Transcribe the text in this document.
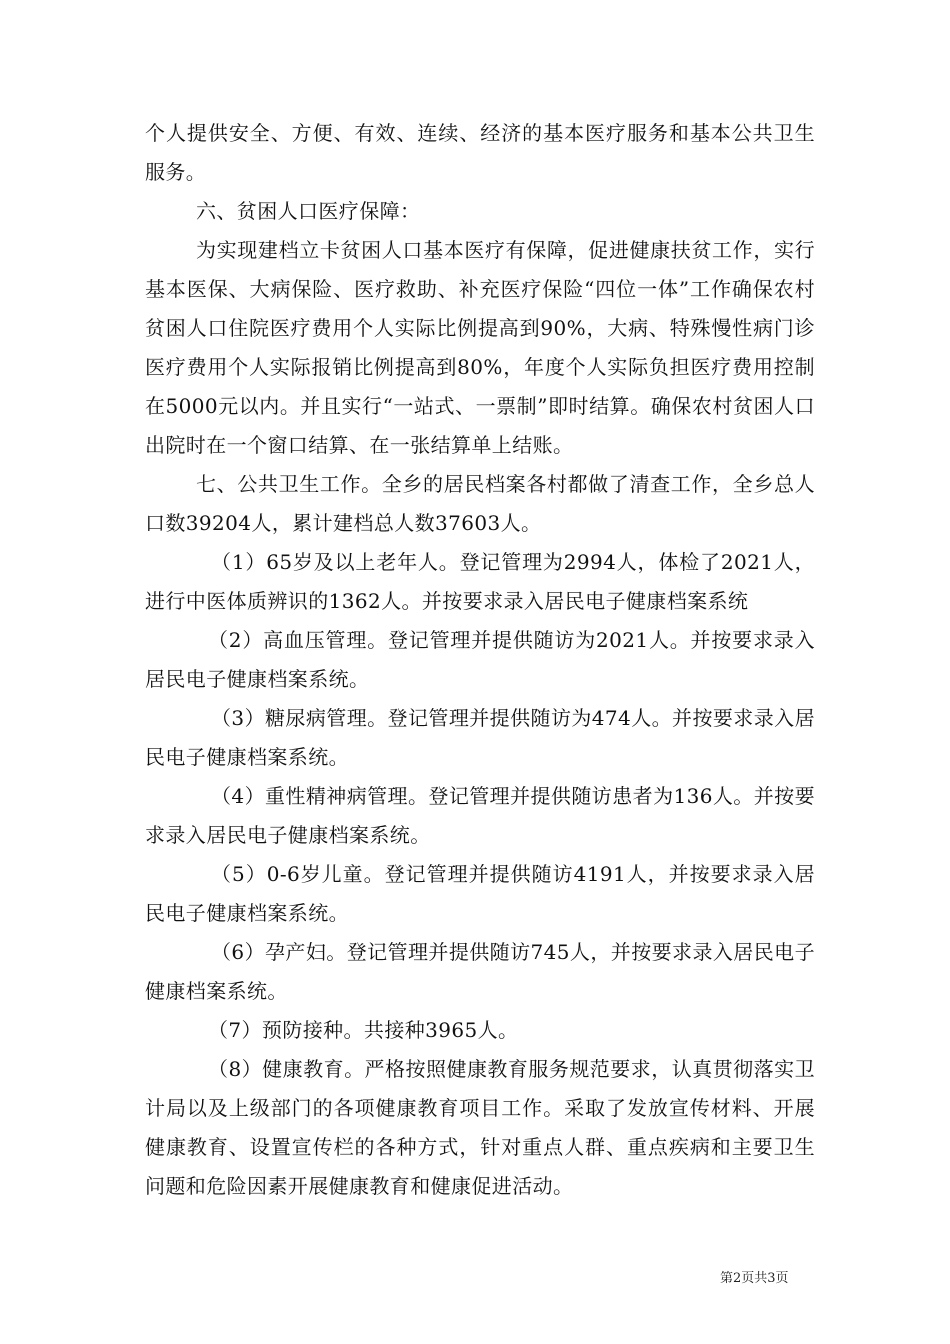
个人提供安全、方便、有效、连续、经济的基本医疗服务和基本公共卫生服务。

六、贫困人口医疗保障：

为实现建档立卡贫困人口基本医疗有保障，促进健康扶贫工作，实行基本医保、大病保险、医疗救助、补充医疗保险“四位一体”工作确保农村贫困人口住院医疗费用个人实际比例提高到90%，大病、特殊慢性病门诊医疗费用个人实际报销比例提高到80%，年度个人实际负担医疗费用控制在5000元以内。并且实行“一站式、一票制”即时结算。确保农村贫困人口出院时在一个窗口结算、在一张结算单上结账。

七、公共卫生工作。全乡的居民档案各村都做了清查工作，全乡总人口数39204人，累计建档总人数37603人。

（1）65岁及以上老年人。登记管理为2994人，体检了2021人，进行中医体质辨识的1362人。并按要求录入居民电子健康档案系统

（2）高血压管理。登记管理并提供随访为2021人。并按要求录入居民电子健康档案系统。

（3）糖尿病管理。登记管理并提供随访为474人。并按要求录入居民电子健康档案系统。

（4）重性精神病管理。登记管理并提供随访患者为136人。并按要求录入居民电子健康档案系统。

（5）0-6岁儿童。登记管理并提供随访4191人，并按要求录入居民电子健康档案系统。

（6）孕产妇。登记管理并提供随访745人，并按要求录入居民电子健康档案系统。

（7）预防接种。共接种3965人。

（8）健康教育。严格按照健康教育服务规范要求，认真贯彻落实卫计局以及上级部门的各项健康教育项目工作。采取了发放宣传材料、开展健康教育、设置宣传栏的各种方式，针对重点人群、重点疾病和主要卫生问题和危险因素开展健康教育和健康促进活动。

第2页共3页
